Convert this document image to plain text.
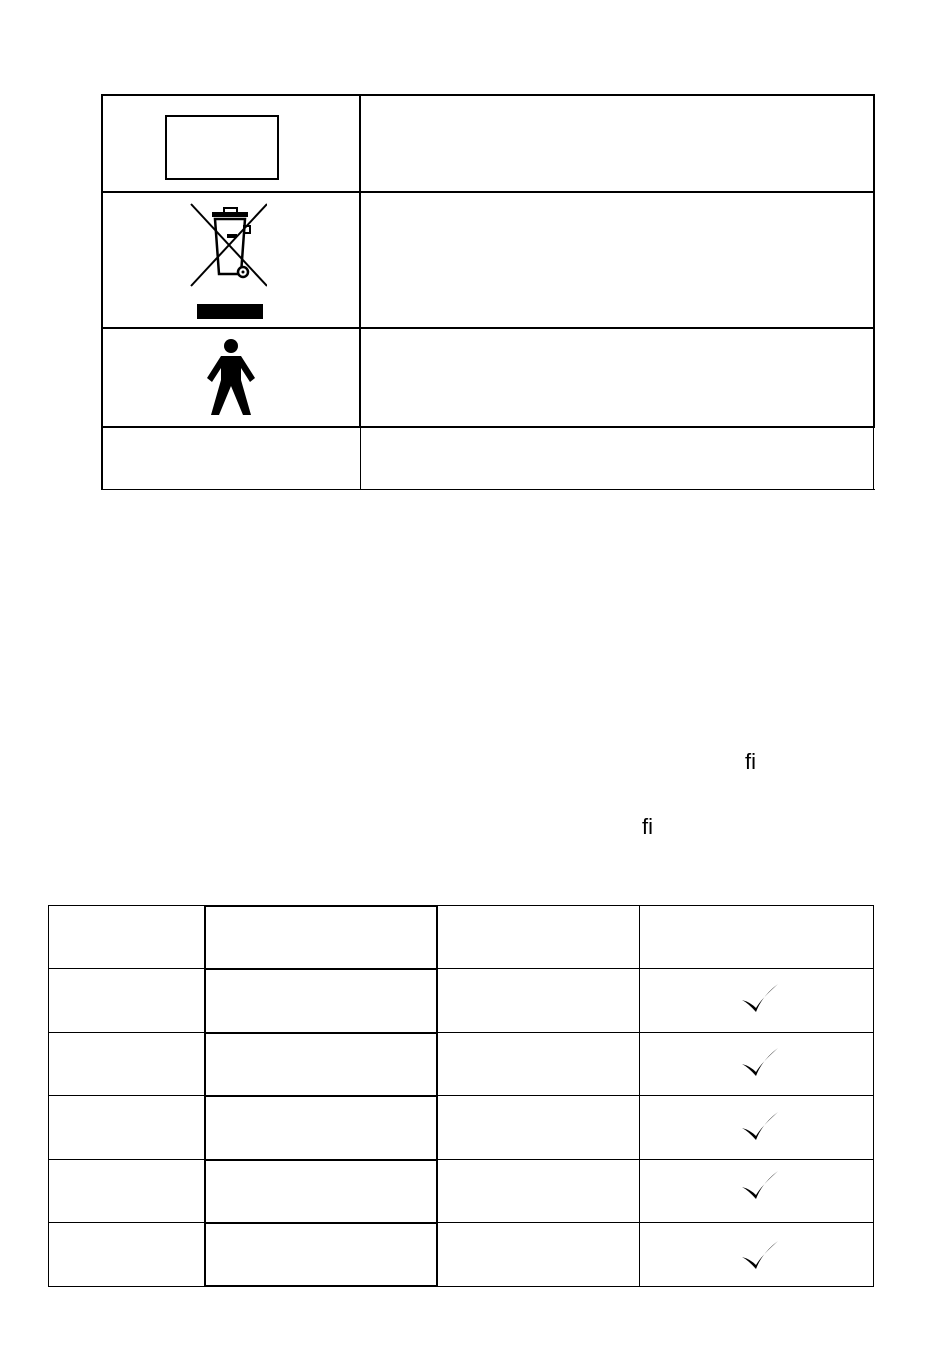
ﬁ
ﬁ
